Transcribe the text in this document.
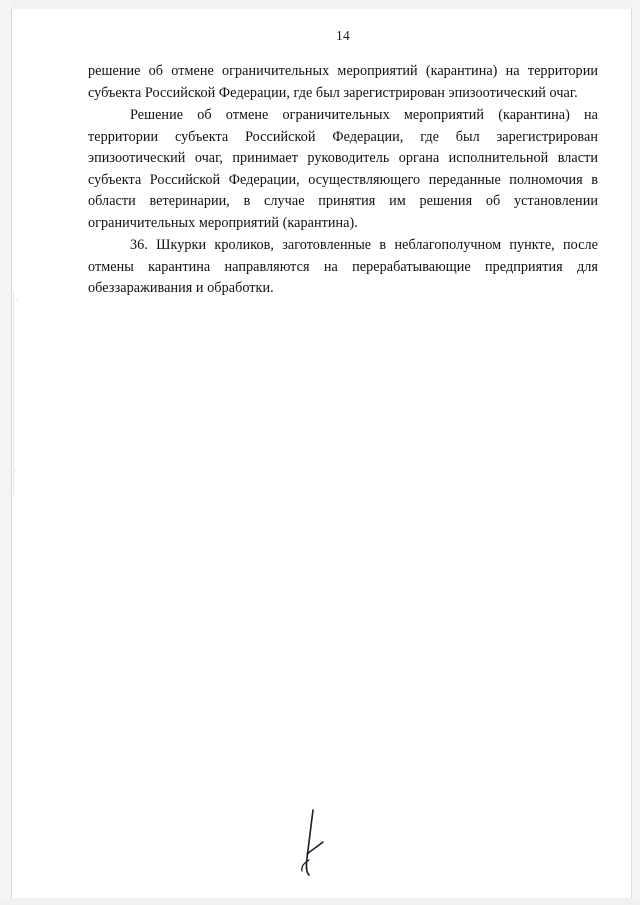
14

решение об отмене ограничительных мероприятий (карантина) на территории субъекта Российской Федерации, где был зарегистрирован эпизоотический очаг.

Решение об отмене ограничительных мероприятий (карантина) на территории субъекта Российской Федерации, где был зарегистрирован эпизоотический очаг, принимает руководитель органа исполнительной власти субъекта Российской Федерации, осуществляющего переданные полномочия в области ветеринарии, в случае принятия им решения об установлении ограничительных мероприятий (карантина).

36. Шкурки кроликов, заготовленные в неблагополучном пункте, после отмены карантина направляются на перерабатывающие предприятия для обеззараживания и обработки.
